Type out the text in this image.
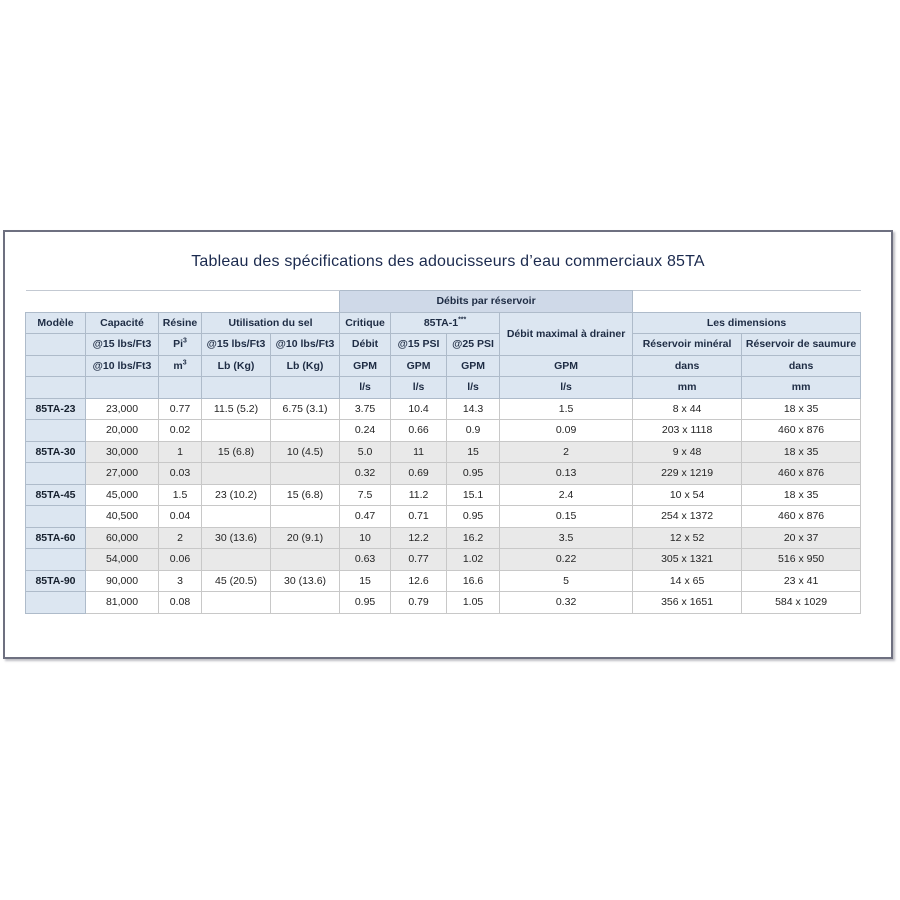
Tableau des spécifications des adoucisseurs d’eau commerciaux 85TA
					Débits par réservoir					
Modèle	Capacité	Résine	Utilisation du sel		Critique	85TA-1***		Débit maximal à drainer	Les dimensions	
	@15 lbs/Ft3	Pi$^3$	@15 lbs/Ft3	@10 lbs/Ft3	Débit	@15 PSI	@25 PSI		Réservoir minéral	Réservoir de saumure
	@10 lbs/Ft3	$m^3$	Lb (Kg)	Lb (Kg)	GPM	GPM	GPM	GPM	dans	dans
					l/s	l/s	l/s	l/s	mm	mm
85TA-23	23,000	0.77	11.5 (5.2)	6.75 (3.1)	3.75	10.4	14.3	1.5	8 x 44	18 x 35
	20,000	0.02			0.24	0.66	0.9	0.09	203 x 1118	460 x 876
85TA-30	30,000	1	15 (6.8)	10 (4.5)	5.0	11	15	2	9 x 48	18 x 35
	27,000	0.03			0.32	0.69	0.95	0.13	229 x 1219	460 x 876
85TA-45	45,000	1.5	23 (10.2)	15 (6.8)	7.5	11.2	15.1	2.4	10 x 54	18 x 35
	40,500	0.04			0.47	0.71	0.95	0.15	254 x 1372	460 x 876
85TA-60	60,000	2	30 (13.6)	20 (9.1)	10	12.2	16.2	3.5	12 x 52	20 x 37
	54,000	0.06			0.63	0.77	1.02	0.22	305 x 1321	516 x 950
85TA-90	90,000	3	45 (20.5)	30 (13.6)	15	12.6	16.6	5	14 x 65	23 x 41
	81,000	0.08			0.95	0.79	1.05	0.32	356 x 1651	584 x 1029
